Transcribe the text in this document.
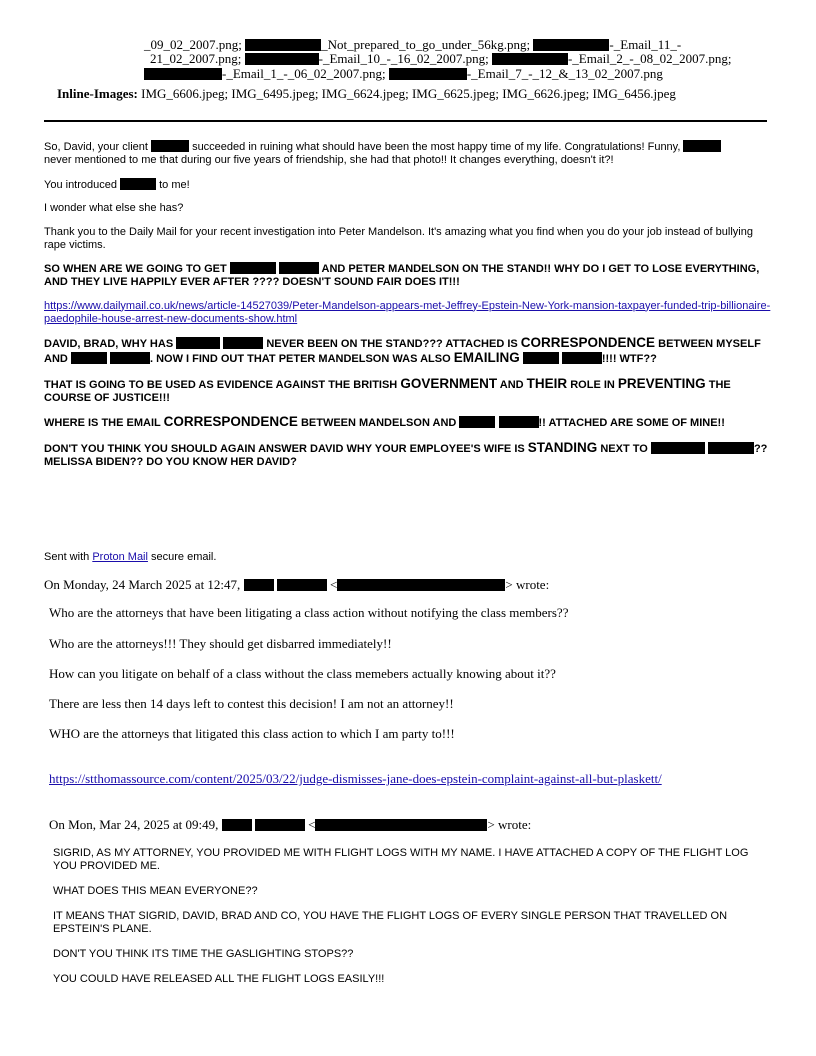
_09_02_2007.png;	_Not_prepared_to_go_under_56kg.png;	-_Email_11_-
21_02_2007.png;	-_Email_10_-_16_02_2007.png;	-_Email_2_-_08_02_2007.png;
-_Email_1_-_06_02_2007.png;	-_Email_7_-_12_&_13_02_2007.png
Inline-Images: IMG_6606.jpeg; IMG_6495.jpeg; IMG_6624.jpeg; IMG_6625.jpeg; IMG_6626.jpeg; IMG_6456.jpeg

So, David, your client	succeeded in ruining what should have been the most happy time of my life. Congratulations! Funny,
never mentioned to me that during our five years of friendship, she had that photo!! It changes everything, doesn't it?!

You introduced	to me!

I wonder what else she has?

Thank you to the Daily Mail for your recent investigation into Peter Mandelson. It's amazing what you find when you do your job instead of bullying rape victims.

SO WHEN ARE WE GOING TO GET	AND PETER MANDELSON ON THE STAND!! WHY DO I GET TO LOSE EVERYTHING, AND THEY LIVE HAPPILY EVER AFTER ???? DOESN'T SOUND FAIR DOES IT!!!

https://www.dailymail.co.uk/news/article-14527039/Peter-Mandelson-appears-met-Jeffrey-Epstein-New-York-mansion-taxpayer-funded-trip-billionaire-paedophile-house-arrest-new-documents-show.html

DAVID, BRAD, WHY HAS	NEVER BEEN ON THE STAND??? ATTACHED IS CORRESPONDENCE BETWEEN MYSELF AND	. NOW I FIND OUT THAT PETER MANDELSON WAS ALSO EMAILING	!!!! WTF??

THAT IS GOING TO BE USED AS EVIDENCE AGAINST THE BRITISH GOVERNMENT AND THEIR ROLE IN PREVENTING THE COURSE OF JUSTICE!!!

WHERE IS THE EMAIL CORRESPONDENCE BETWEEN MANDELSON AND	!! ATTACHED ARE SOME OF MINE!!

DON'T YOU THINK YOU SHOULD AGAIN ANSWER DAVID WHY YOUR EMPLOYEE'S WIFE IS STANDING NEXT TO	?? MELISSA BIDEN?? DO YOU KNOW HER DAVID?

Sent with Proton Mail secure email.
On Monday, 24 March 2025 at 12:47,	<	> wrote:
Who are the attorneys that have been litigating a class action without notifying the class members??
Who are the attorneys!!! They should get disbarred immediately!!
How can you litigate on behalf of a class without the class memebers actually knowing about it??
There are less then 14 days left to contest this decision! I am not an attorney!!
WHO are the attorneys that litigated this class action to which I am party to!!!
https://stthomassource.com/content/2025/03/22/judge-dismisses-jane-does-epstein-complaint-against-all-but-plaskett/
On Mon, Mar 24, 2025 at 09:49,	<	> wrote:

SIGRID, AS MY ATTORNEY, YOU PROVIDED ME WITH FLIGHT LOGS WITH MY NAME. I HAVE ATTACHED A COPY OF THE FLIGHT LOG YOU PROVIDED ME.

WHAT DOES THIS MEAN EVERYONE??

IT MEANS THAT SIGRID, DAVID, BRAD AND CO, YOU HAVE THE FLIGHT LOGS OF EVERY SINGLE PERSON THAT TRAVELLED ON EPSTEIN'S PLANE.

DON'T YOU THINK ITS TIME THE GASLIGHTING STOPS??

YOU COULD HAVE RELEASED ALL THE FLIGHT LOGS EASILY!!!
